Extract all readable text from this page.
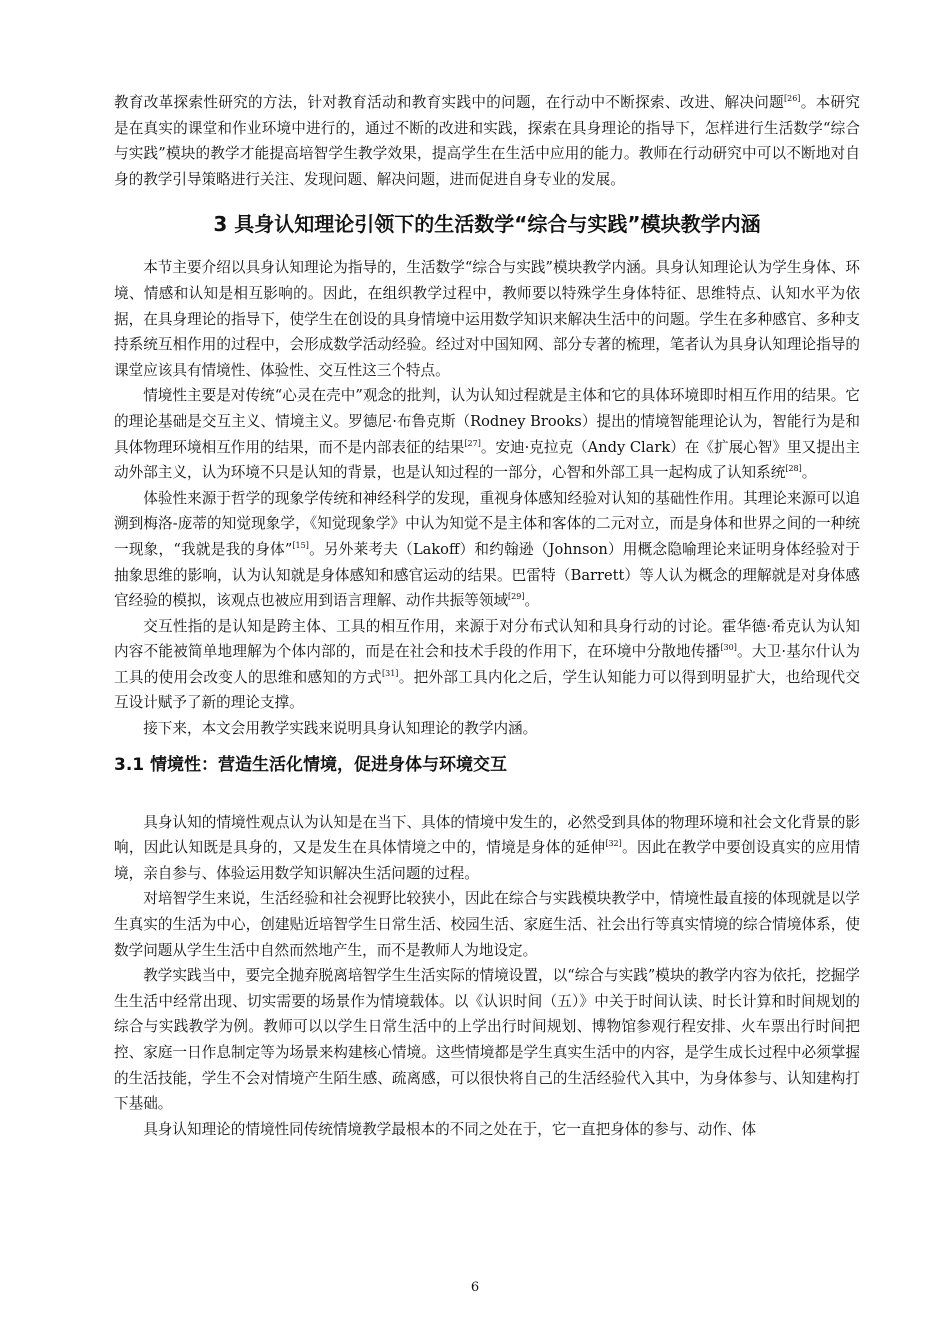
教育改革探索性研究的方法，针对教育活动和教育实践中的问题，在行动中不断探索、改进、解决问题[26]。本研究是在真实的课堂和作业环境中进行的，通过不断的改进和实践，探索在具身理论的指导下，怎样进行生活数学“综合与实践”模块的教学才能提高培智学生教学效果，提高学生在生活中应用的能力。教师在行动研究中可以不断地对自身的教学引导策略进行关注、发现问题、解决问题，进而促进自身专业的发展。

3 具身认知理论引领下的生活数学“综合与实践”模块教学内涵

本节主要介绍以具身认知理论为指导的，生活数学“综合与实践”模块教学内涵。具身认知理论认为学生身体、环境、情感和认知是相互影响的。因此，在组织教学过程中，教师要以特殊学生身体特征、思维特点、认知水平为依据，在具身理论的指导下，使学生在创设的具身情境中运用数学知识来解决生活中的问题。学生在多种感官、多种支持系统互相作用的过程中，会形成数学活动经验。经过对中国知网、部分专著的梳理，笔者认为具身认知理论指导的课堂应该具有情境性、体验性、交互性这三个特点。

情境性主要是对传统“心灵在壳中”观念的批判，认为认知过程就是主体和它的具体环境即时相互作用的结果。它的理论基础是交互主义、情境主义。罗德尼·布鲁克斯（Rodney Brooks）提出的情境智能理论认为，智能行为是和具体物理环境相互作用的结果，而不是内部表征的结果[27]。安迪·克拉克（Andy Clark）在《扩展心智》里又提出主动外部主义，认为环境不只是认知的背景，也是认知过程的一部分，心智和外部工具一起构成了认知系统[28]。

体验性来源于哲学的现象学传统和神经科学的发现，重视身体感知经验对认知的基础性作用。其理论来源可以追溯到梅洛-庞蒂的知觉现象学，《知觉现象学》中认为知觉不是主体和客体的二元对立，而是身体和世界之间的一种统一现象，“我就是我的身体”[15]。另外莱考夫（Lakoff）和约翰逊（Johnson）用概念隐喻理论来证明身体经验对于抽象思维的影响，认为认知就是身体感知和感官运动的结果。巴雷特（Barrett）等人认为概念的理解就是对身体感官经验的模拟，该观点也被应用到语言理解、动作共振等领域[29]。

交互性指的是认知是跨主体、工具的相互作用，来源于对分布式认知和具身行动的讨论。霍华德·希克认为认知内容不能被简单地理解为个体内部的，而是在社会和技术手段的作用下，在环境中分散地传播[30]。大卫·基尔什认为工具的使用会改变人的思维和感知的方式[31]。把外部工具内化之后，学生认知能力可以得到明显扩大，也给现代交互设计赋予了新的理论支撑。

接下来，本文会用教学实践来说明具身认知理论的教学内涵。

3.1 情境性：营造生活化情境，促进身体与环境交互

具身认知的情境性观点认为认知是在当下、具体的情境中发生的，必然受到具体的物理环境和社会文化背景的影响，因此认知既是具身的，又是发生在具体情境之中的，情境是身体的延伸[32]。因此在教学中要创设真实的应用情境，亲自参与、体验运用数学知识解决生活问题的过程。

对培智学生来说，生活经验和社会视野比较狭小，因此在综合与实践模块教学中，情境性最直接的体现就是以学生真实的生活为中心，创建贴近培智学生日常生活、校园生活、家庭生活、社会出行等真实情境的综合情境体系，使数学问题从学生生活中自然而然地产生，而不是教师人为地设定。

教学实践当中，要完全抛弃脱离培智学生生活实际的情境设置，以“综合与实践”模块的教学内容为依托，挖掘学生生活中经常出现、切实需要的场景作为情境载体。以《认识时间（五）》中关于时间认读、时长计算和时间规划的综合与实践教学为例。教师可以以学生日常生活中的上学出行时间规划、博物馆参观行程安排、火车票出行时间把控、家庭一日作息制定等为场景来构建核心情境。这些情境都是学生真实生活中的内容，是学生成长过程中必须掌握的生活技能，学生不会对情境产生陌生感、疏离感，可以很快将自己的生活经验代入其中，为身体参与、认知建构打下基础。

具身认知理论的情境性同传统情境教学最根本的不同之处在于，它一直把身体的参与、动作、体

6
